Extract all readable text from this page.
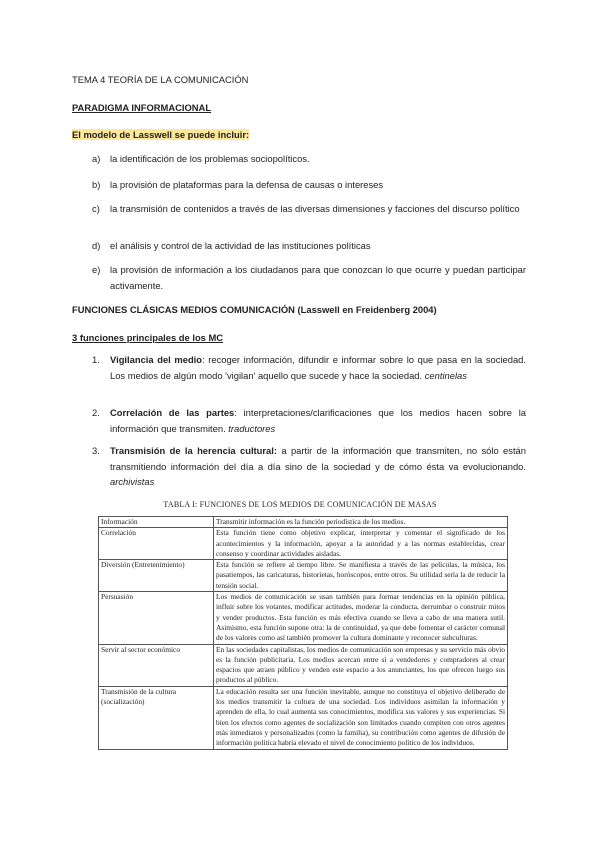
TEMA 4 TEORÍA DE LA COMUNICACIÓN

PARADIGMA INFORMACIONAL

El modelo de Lasswell se puede incluir:

a) la identificación de los problemas sociopolíticos.
b) la provisión de plataformas para la defensa de causas o intereses
c) la transmisión de contenidos a través de las diversas dimensiones y facciones del discurso político
d) el análisis y control de la actividad de las instituciones políticas
e) la provisión de información a los ciudadanos para que conozcan lo que ocurre y puedan participar activamente.

FUNCIONES CLÁSICAS MEDIOS COMUNICACIÓN (Lasswell en Freidenberg 2004)

3 funciones principales de los MC

1. Vigilancia del medio: recoger información, difundir e informar sobre lo que pasa en la sociedad. Los medios de algún modo 'vigilan' aquello que sucede y hace la sociedad. centinelas
2. Correlación de las partes: interpretaciones/clarificaciones que los medios hacen sobre la información que transmiten. traductores
3. Transmisión de la herencia cultural: a partir de la información que transmiten, no sólo están transmitiendo información del día a día sino de la sociedad y de cómo ésta va evolucionando. archivistas
TABLA I: FUNCIONES DE LOS MEDIOS DE COMUNICACIÓN DE MASAS
Información	Transmitir información es la función periodística de los medios.
Correlación	Esta función tiene como objetivo explicar, interpretar y comentar el significado de los acontecimientos y la información, apoyar a la autoridad y a las normas establecidas, crear consenso y coordinar actividades aisladas.
Diversión (Entretenimiento)	Esta función se refiere al tiempo libre. Se manifiesta a través de las películas, la música, los pasatiempos, las caricaturas, historietas, horóscopos, entre otros. Su utilidad sería la de reducir la tensión social.
Persuasión	Los medios de comunicación se usan también para formar tendencias en la opinión pública, influir sobre los votantes, modificar actitudes, moderar la conducta, derrumbar o construir mitos y vender productos. Esta función es más efectiva cuando se lleva a cabo de una manera sutil. Asimismo, esta función supone otra: la de continuidad, ya que debe fomentar el carácter comunal de los valores como así también promover la cultura dominante y reconocer subculturas.
Servir al sector económico	En las sociedades capitalistas, los medios de comunicación son empresas y su servicio más obvio es la función publicitaria. Los medios acercan entre sí a vendedores y compradores al crear espacios que atraen público y venden este espacio a los anunciantes, los que ofrecen luego sus productos al público.
Transmisión de la cultura (socialización)	La educación resulta ser una función inevitable, aunque no constituya el objetivo deliberado de los medios transmitir la cultura de una sociedad. Los individuos asimilan la información y aprenden de ella, lo cual aumenta sus conocimientos, modifica sus valores y sus experiencias. Si bien los efectos como agentes de socialización son limitados cuando compiten con otros agentes más inmediatos y personalizados (como la familia), su contribución como agentes de difusión de información política habría elevado el nivel de conocimiento político de los individuos.
